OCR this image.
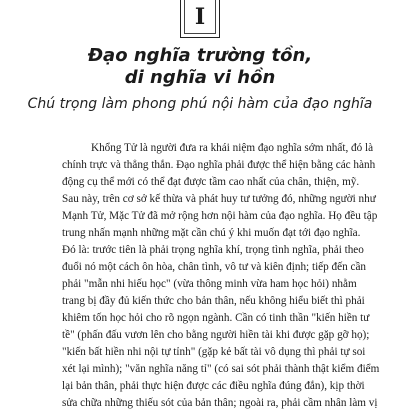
I
Đạo nghĩa trường tồn,
di nghĩa vi hồn
Chú trọng làm phong phú nội hàm của đạo nghĩa
Khổng Tử là người đưa ra khái niệm đạo nghĩa sớm nhất, đó là
chính trực và thẳng thắn. Đạo nghĩa phải được thể hiện bằng các hành
động cụ thể mới có thể đạt được tầm cao nhất của chân, thiện, mỹ.
Sau này, trên cơ sở kế thừa và phát huy tư tưởng đó, những người như
Mạnh Tử, Mặc Tử đã mở rộng hơn nội hàm của đạo nghĩa. Họ đều tập
trung nhấn mạnh những mặt cần chú ý khi muốn đạt tới đạo nghĩa.
Đó là: trước tiên là phải trọng nghĩa khí, trọng tình nghĩa, phải theo
đuổi nó một cách ôn hòa, chân tình, vô tư và kiên định; tiếp đến cần
phải "mẫn nhi hiếu học" (vừa thông minh vừa ham học hỏi) nhằm
trang bị đầy đủ kiến thức cho bản thân, nếu không hiểu biết thì phải
khiêm tốn học hỏi cho rõ ngọn ngành. Cần có tinh thần "kiến hiền tư
tề" (phấn đấu vươn lên cho bằng người hiền tài khi được gặp gỡ họ);
"kiến bất hiền nhi nội tự tỉnh" (gặp kẻ bất tài vô dụng thì phải tự soi
xét lại mình); "văn nghĩa năng tỉ" (có sai sót phải thành thật kiểm điểm
lại bản thân, phải thực hiện được các điều nghĩa đúng đắn), kịp thời
sửa chữa những thiếu sót của bản thân; ngoài ra, phải cầm nhân làm vị
